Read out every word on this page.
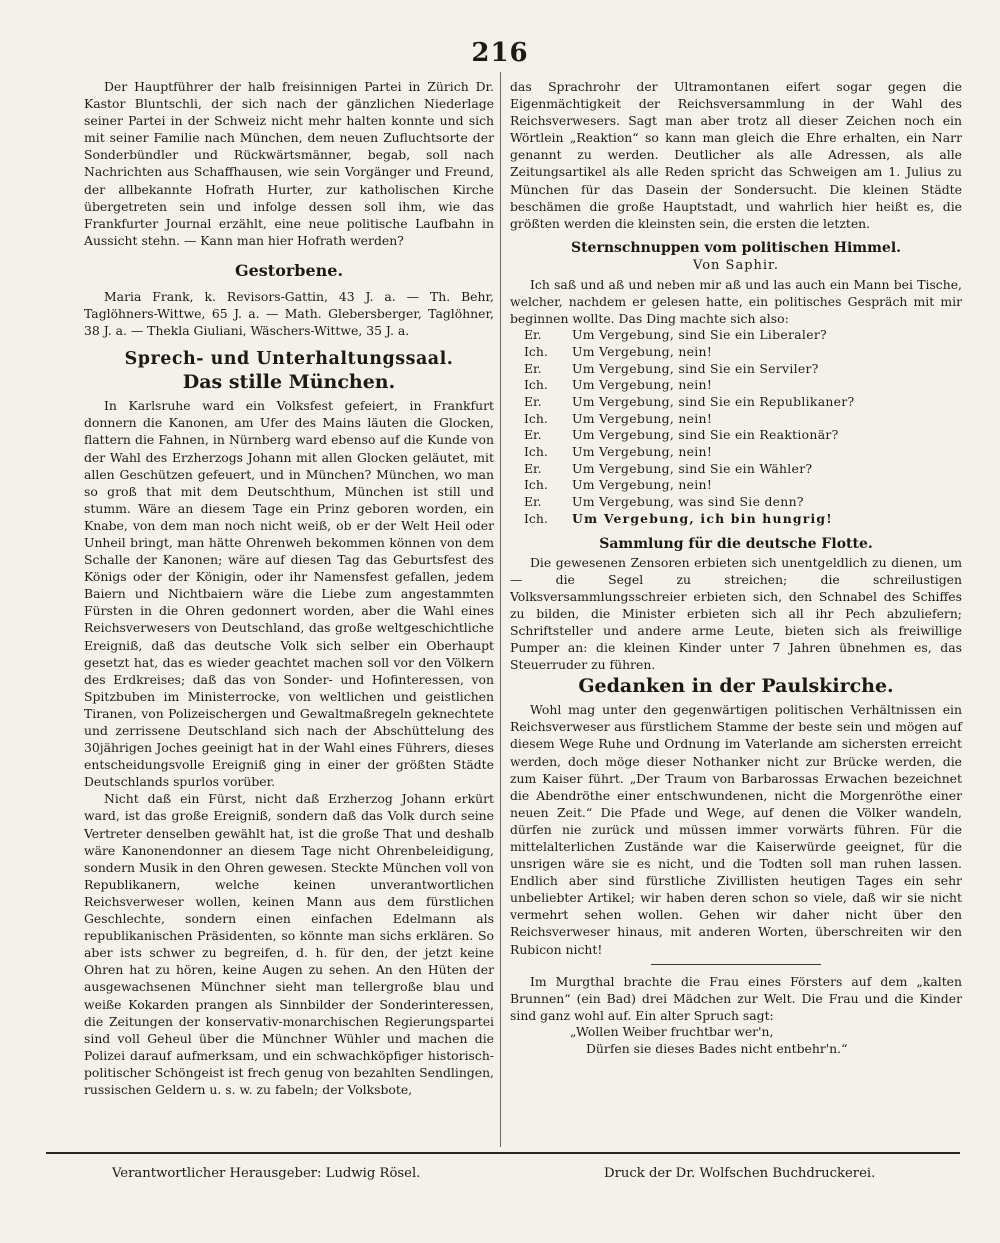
216

Der Hauptführer der halb freisinnigen Partei in Zürich Dr. Kastor Bluntschli, der sich nach der gänzlichen Niederlage seiner Partei in der Schweiz nicht mehr halten konnte und sich mit seiner Familie nach München, dem neuen Zufluchtsorte der Sonderbündler und Rückwärtsmänner, begab, soll nach Nachrichten aus Schaffhausen, wie sein Vorgänger und Freund, der allbekannte Hofrath Hurter, zur katholischen Kirche übergetreten sein und infolge dessen soll ihm, wie das Frankfurter Journal erzählt, eine neue politische Laufbahn in Aussicht stehn. — Kann man hier Hofrath werden?

Gestorbene.

Maria Frank, k. Revisors-Gattin, 43 J. a. — Th. Behr, Taglöhners-Wittwe, 65 J. a. — Math. Glebersberger, Taglöhner, 38 J. a. — Thekla Giuliani, Wäschers-Wittwe, 35 J. a.

Sprech- und Unterhaltungssaal.
Das stille München.

In Karlsruhe ward ein Volksfest gefeiert, in Frankfurt donnern die Kanonen, am Ufer des Mains läuten die Glocken, flattern die Fahnen, in Nürnberg ward ebenso auf die Kunde von der Wahl des Erzherzogs Johann mit allen Glocken geläutet, mit allen Geschützen gefeuert, und in München? München, wo man so groß that mit dem Deutschthum, München ist still und stumm. Wäre an diesem Tage ein Prinz geboren worden, ein Knabe, von dem man noch nicht weiß, ob er der Welt Heil oder Unheil bringt, man hätte Ohrenweh bekommen können von dem Schalle der Kanonen; wäre auf diesen Tag das Geburtsfest des Königs oder der Königin, oder ihr Namensfest gefallen, jedem Baiern und Nichtbaiern wäre die Liebe zum angestammten Fürsten in die Ohren gedonnert worden, aber die Wahl eines Reichsverwesers von Deutschland, das große weltgeschichtliche Ereigniß, daß das deutsche Volk sich selber ein Oberhaupt gesetzt hat, das es wieder geachtet machen soll vor den Völkern des Erdkreises; daß das von Sonder- und Hofinteressen, von Spitzbuben im Ministerrocke, von weltlichen und geistlichen Tiranen, von Polizeischergen und Gewaltmaßregeln geknechtete und zerrissene Deutschland sich nach der Abschüttelung des 30jährigen Joches geeinigt hat in der Wahl eines Führers, dieses entscheidungsvolle Ereigniß ging in einer der größten Städte Deutschlands spurlos vorüber.

Nicht daß ein Fürst, nicht daß Erzherzog Johann erkürt ward, ist das große Ereigniß, sondern daß das Volk durch seine Vertreter denselben gewählt hat, ist die große That und deshalb wäre Kanonendonner an diesem Tage nicht Ohrenbeleidigung, sondern Musik in den Ohren gewesen. Steckte München voll von Republikanern, welche keinen unverantwortlichen Reichsverweser wollen, keinen Mann aus dem fürstlichen Geschlechte, sondern einen einfachen Edelmann als republikanischen Präsidenten, so könnte man sichs erklären. So aber ists schwer zu begreifen, d. h. für den, der jetzt keine Ohren hat zu hören, keine Augen zu sehen. An den Hüten der ausgewachsenen Münchner sieht man tellergroße blau und weiße Kokarden prangen als Sinnbilder der Sonderinteressen, die Zeitungen der konservativ-monarchischen Regierungspartei sind voll Geheul über die Münchner Wühler und machen die Polizei darauf aufmerksam, und ein schwachköpfiger historisch-politischer Schöngeist ist frech genug von bezahlten Sendlingen, russischen Geldern u. s. w. zu fabeln; der Volksbote,

das Sprachrohr der Ultramontanen eifert sogar gegen die Eigenmächtigkeit der Reichsversammlung in der Wahl des Reichsverwesers. Sagt man aber trotz all dieser Zeichen noch ein Wörtlein „Reaktion“ so kann man gleich die Ehre erhalten, ein Narr genannt zu werden. Deutlicher als alle Adressen, als alle Zeitungsartikel als alle Reden spricht das Schweigen am 1. Julius zu München für das Dasein der Sondersucht. Die kleinen Städte beschämen die große Hauptstadt, und wahrlich hier heißt es, die größten werden die kleinsten sein, die ersten die letzten.

Sternschnuppen vom politischen Himmel.
Von Saphir.

Ich saß und aß und neben mir aß und las auch ein Mann bei Tische, welcher, nachdem er gelesen hatte, ein politisches Gespräch mit mir beginnen wollte. Das Ding machte sich also:

Er.	Um Vergebung, sind Sie ein Liberaler?
Ich.	Um Vergebung, nein!
Er.	Um Vergebung, sind Sie ein Serviler?
Ich.	Um Vergebung, nein!
Er.	Um Vergebung, sind Sie ein Republikaner?
Ich.	Um Vergebung, nein!
Er.	Um Vergebung, sind Sie ein Reaktionär?
Ich.	Um Vergebung, nein!
Er.	Um Vergebung, sind Sie ein Wähler?
Ich.	Um Vergebung, nein!
Er.	Um Vergebung, was sind Sie denn?
Ich.	Um Vergebung, ich bin hungrig!
Sammlung für die deutsche Flotte.

Die gewesenen Zensoren erbieten sich unentgeldlich zu dienen, um — die Segel zu streichen; die schreilustigen Volksversammlungsschreier erbieten sich, den Schnabel des Schiffes zu bilden, die Minister erbieten sich all ihr Pech abzuliefern; Schriftsteller und andere arme Leute, bieten sich als freiwillige Pumper an: die kleinen Kinder unter 7 Jahren übnehmen es, das Steuerruder zu führen.

Gedanken in der Paulskirche.

Wohl mag unter den gegenwärtigen politischen Verhältnissen ein Reichsverweser aus fürstlichem Stamme der beste sein und mögen auf diesem Wege Ruhe und Ordnung im Vaterlande am sichersten erreicht werden, doch möge dieser Nothanker nicht zur Brücke werden, die zum Kaiser führt. „Der Traum von Barbarossas Erwachen bezeichnet die Abendröthe einer entschwundenen, nicht die Morgenröthe einer neuen Zeit.“ Die Pfade und Wege, auf denen die Völker wandeln, dürfen nie zurück und müssen immer vorwärts führen. Für die mittelalterlichen Zustände war die Kaiserwürde geeignet, für die unsrigen wäre sie es nicht, und die Todten soll man ruhen lassen. Endlich aber sind fürstliche Zivillisten heutigen Tages ein sehr unbeliebter Artikel; wir haben deren schon so viele, daß wir sie nicht vermehrt sehen wollen. Gehen wir daher nicht über den Reichsverweser hinaus, mit anderen Worten, überschreiten wir den Rubicon nicht!

Im Murgthal brachte die Frau eines Försters auf dem „kalten Brunnen“ (ein Bad) drei Mädchen zur Welt. Die Frau und die Kinder sind ganz wohl auf. Ein alter Spruch sagt:

„Wollen Weiber fruchtbar wer'n,
Dürfen sie dieses Bades nicht entbehr'n.“
Verantwortlicher Herausgeber: Ludwig Rösel.	Druck der Dr. Wolfschen Buchdruckerei.
